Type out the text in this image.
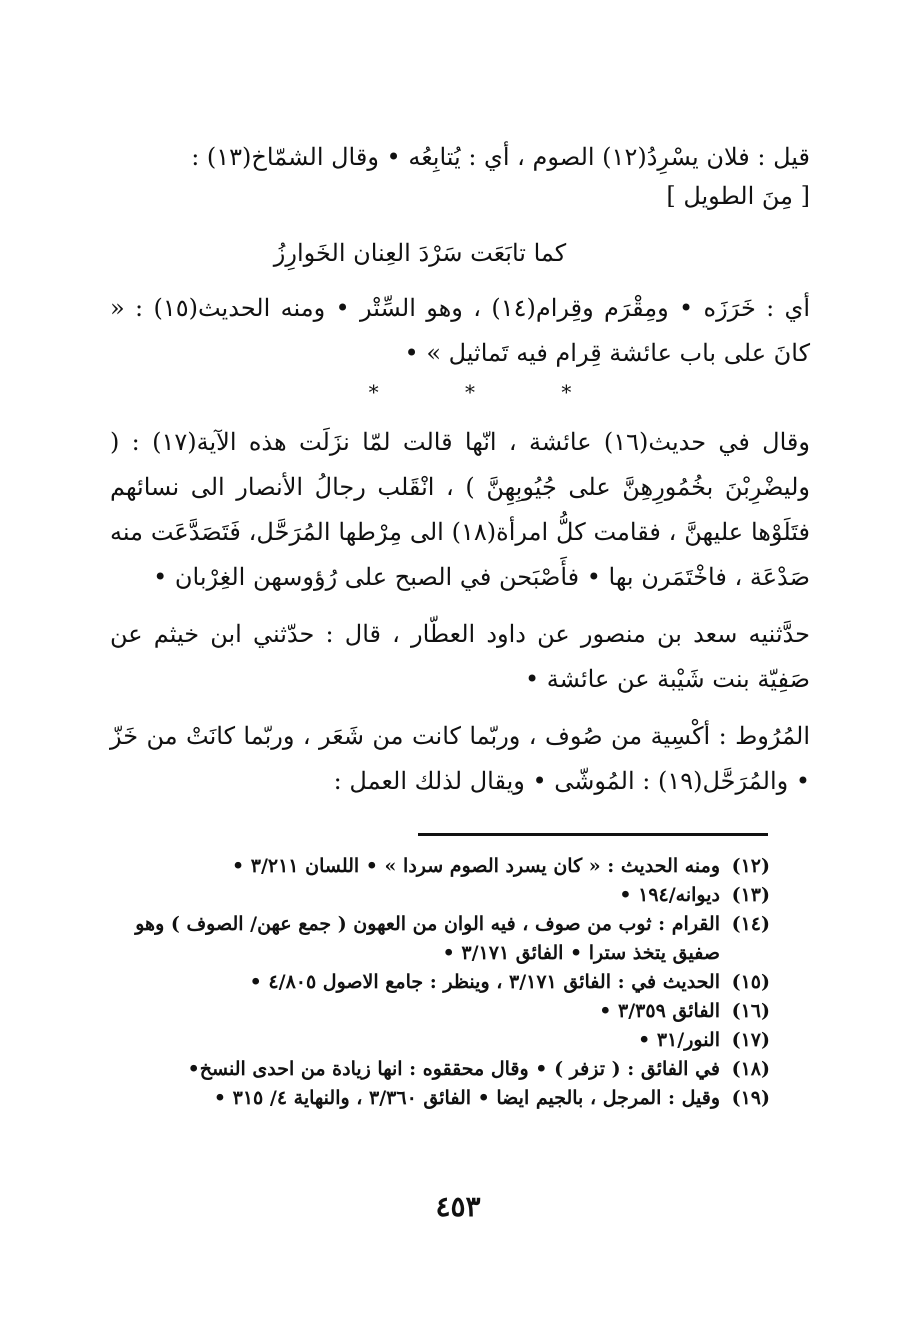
قيل : فلان يسْرِدُ(١٢) الصوم ، أي : يُتابِعُه • وقال الشمّاخ(١٣) :
[ مِنَ الطويل ]

كما تابَعَت سَرْدَ العِنان الخَوارِزُ

أي : خَرَزَه • ومِقْرَم وقِرام(١٤) ، وهو السِّتْر • ومنه الحديث(١٥) : « كانَ على باب عائشة قِرام فيه تَماثيل » •

* * *

وقال في حديث(١٦) عائشة ، انّها قالت لمّا نزَلَت هذه الآية(١٧) : ( وليضْرِبْنَ بخُمُورِهِنَّ على جُيُوبِهِنَّ ) ، انْقَلب رجالُ الأنصار الى نسائهم فتَلَوْها عليهنَّ ، فقامت كلُّ امرأة(١٨) الى مِرْطها المُرَحَّل، فَتَصَدَّعَت منه صَدْعَة ، فاخْتَمَرن بها • فأَصْبَحن في الصبح على رُؤوسهن الغِرْبان •

حدَّثنيه سعد بن منصور عن داود العطّار ، قال : حدّثني ابن خيثم عن صَفِيّة بنت شَيْبة عن عائشة •

المُرُوط : أكْسِية من صُوف ، وربّما كانت من شَعَر ، وربّما كانَتْ من خَزّ • والمُرَحَّل(١٩) : المُوشّى • ويقال لذلك العمل :

(١٢)
ومنه الحديث : « كان يسرد الصوم سردا » • اللسان ٣/٢١١ •
(١٣)
ديوانه/١٩٤ •
(١٤)
القرام : ثوب من صوف ، فيه الوان من العهون ( جمع عهن/ الصوف ) وهو صفيق يتخذ سترا • الفائق ٣/١٧١ •
(١٥)
الحديث في : الفائق ٣/١٧١ ، وينظر : جامع الاصول ٤/٨٠٥ •
(١٦)
الفائق ٣/٣٥٩ •
(١٧)
النور/٣١ •
(١٨)
في الفائق : ( تزفر ) • وقال محققوه : انها زيادة من احدى النسخ•
(١٩)
وقيل : المرجل ، بالجيم ايضا • الفائق ٣/٣٦٠ ، والنهاية ٤/ ٣١٥ •
٤٥٣
